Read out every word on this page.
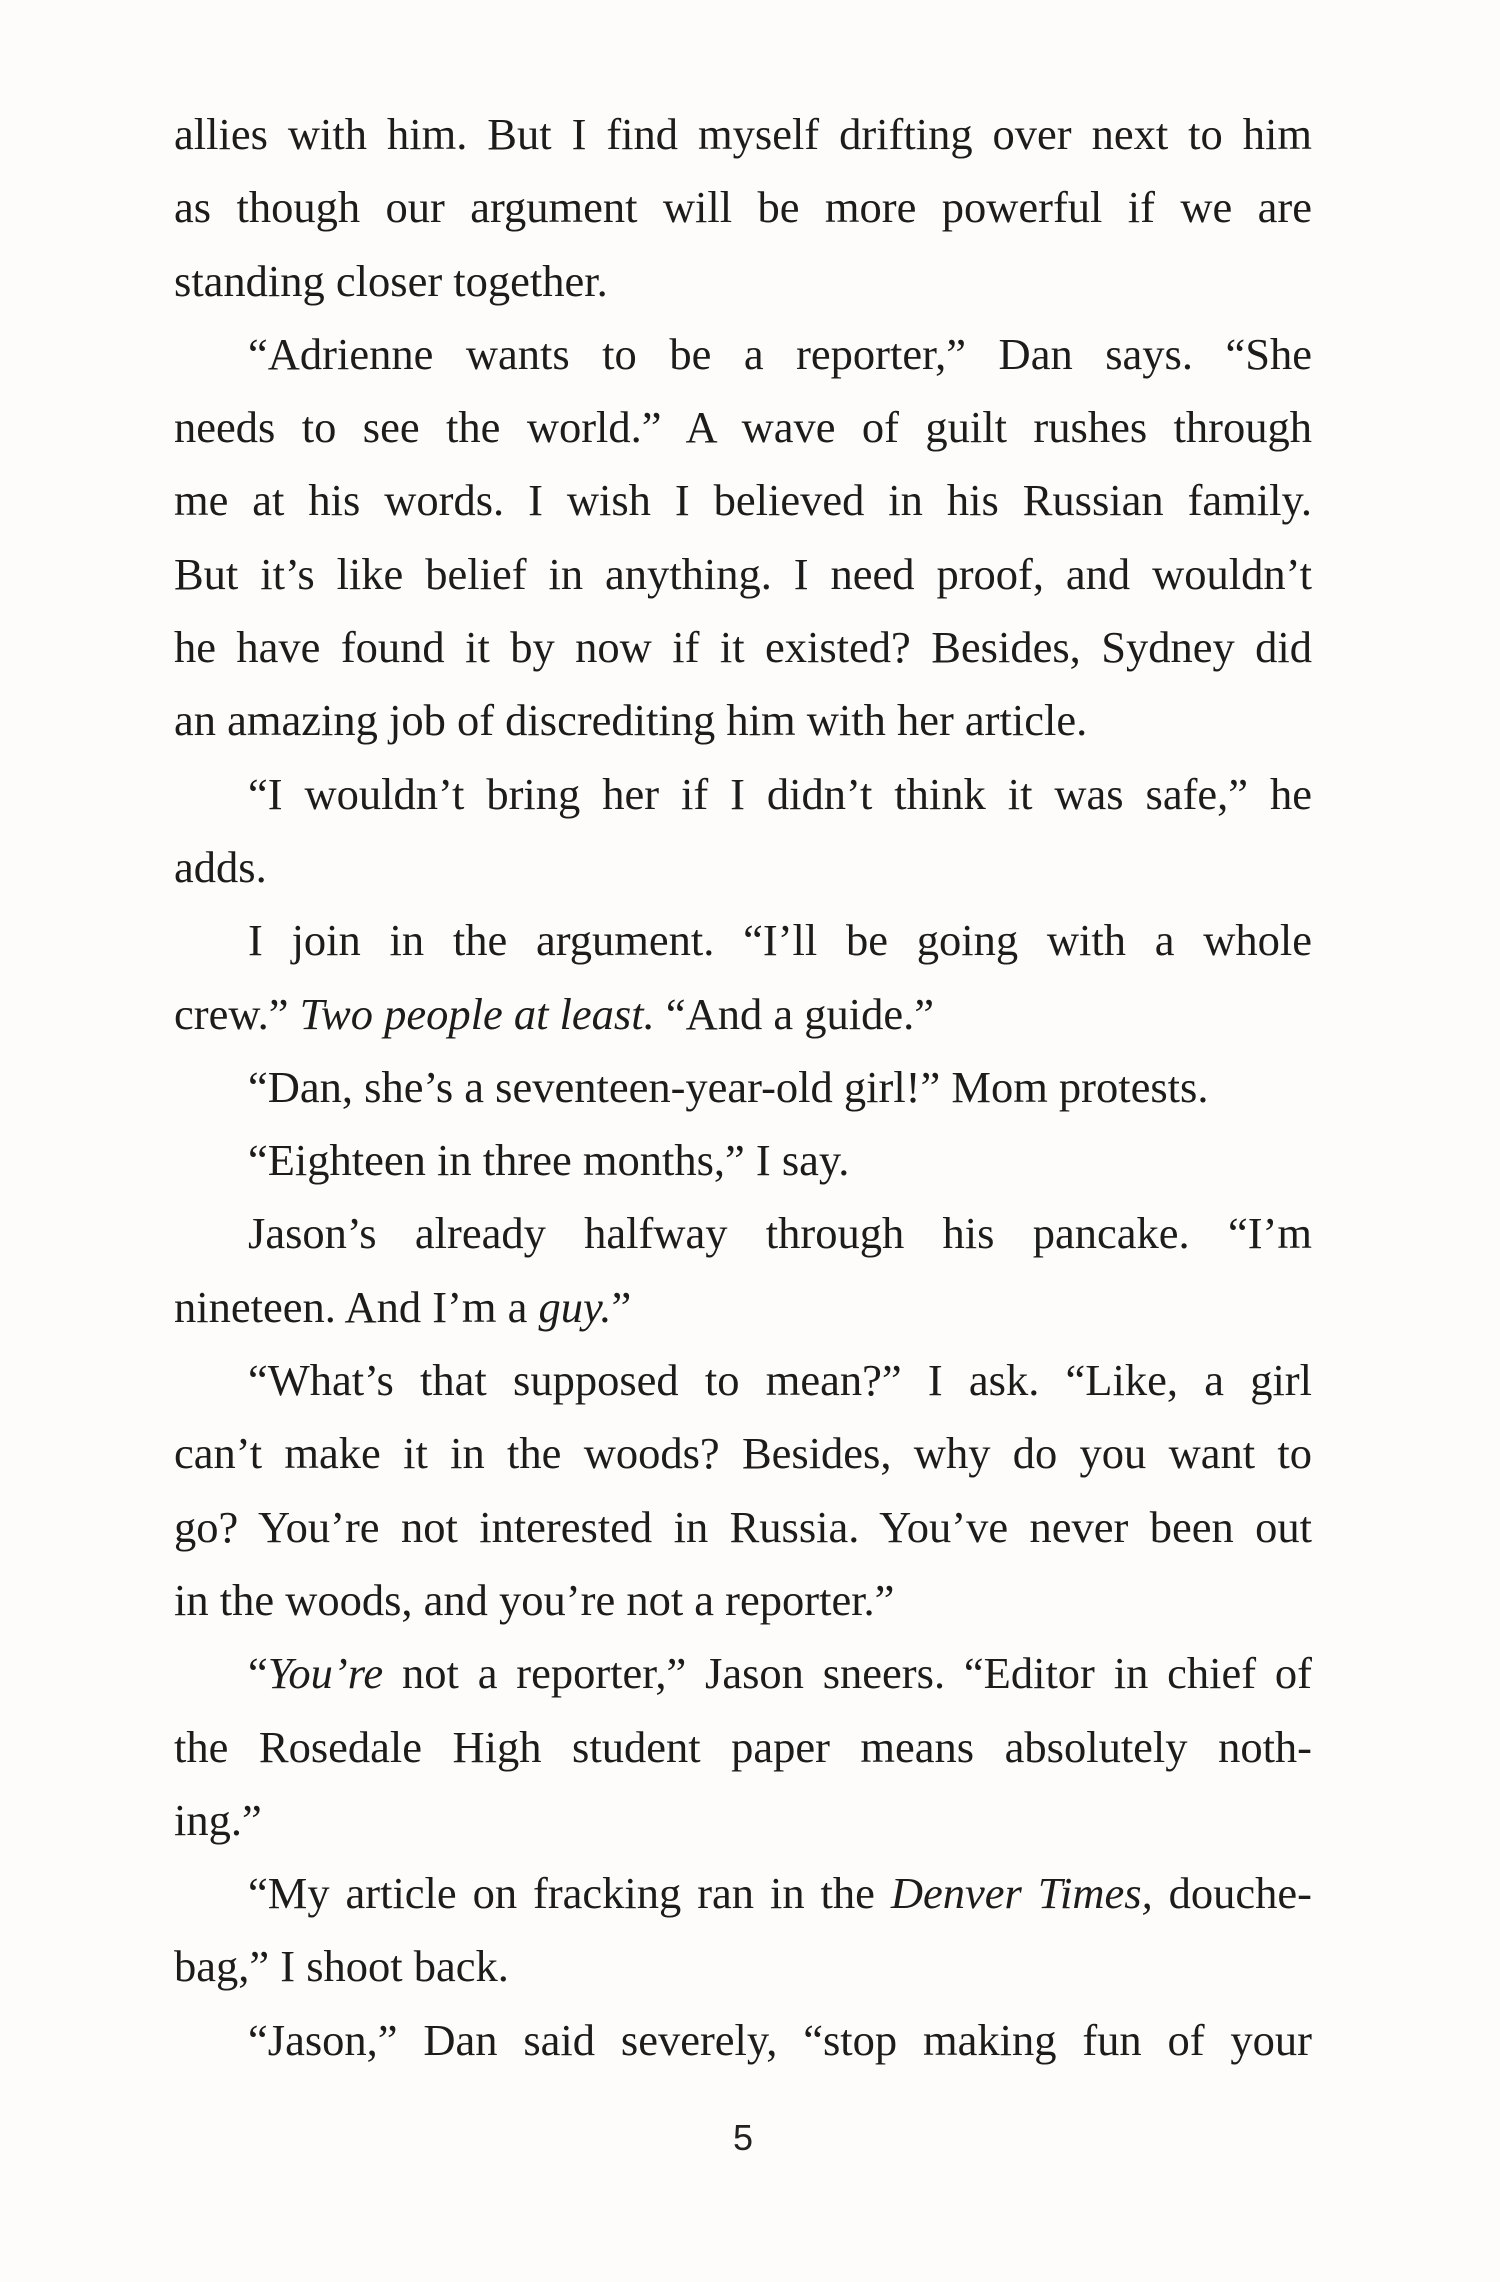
allies with him. But I find myself drifting over next to him
as though our argument will be more powerful if we are
standing closer together.
“Adrienne wants to be a reporter,” Dan says. “She
needs to see the world.” A wave of guilt rushes through
me at his words. I wish I believed in his Russian family.
But it’s like belief in anything. I need proof, and wouldn’t
he have found it by now if it existed? Besides, Sydney did
an amazing job of discrediting him with her article.
“I wouldn’t bring her if I didn’t think it was safe,” he
adds.
I join in the argument. “I’ll be going with a whole
crew.” Two people at least. “And a guide.”
“Dan, she’s a seventeen-year-old girl!” Mom protests.
“Eighteen in three months,” I say.
Jason’s already halfway through his pancake. “I’m
nineteen. And I’m a guy.”
“What’s that supposed to mean?” I ask. “Like, a girl
can’t make it in the woods? Besides, why do you want to
go? You’re not interested in Russia. You’ve never been out
in the woods, and you’re not a reporter.”
“You’re not a reporter,” Jason sneers. “Editor in chief of
the Rosedale High student paper means absolutely noth-
ing.”
“My article on fracking ran in the Denver Times, douche-
bag,” I shoot back.
“Jason,” Dan said severely, “stop making fun of your
5
